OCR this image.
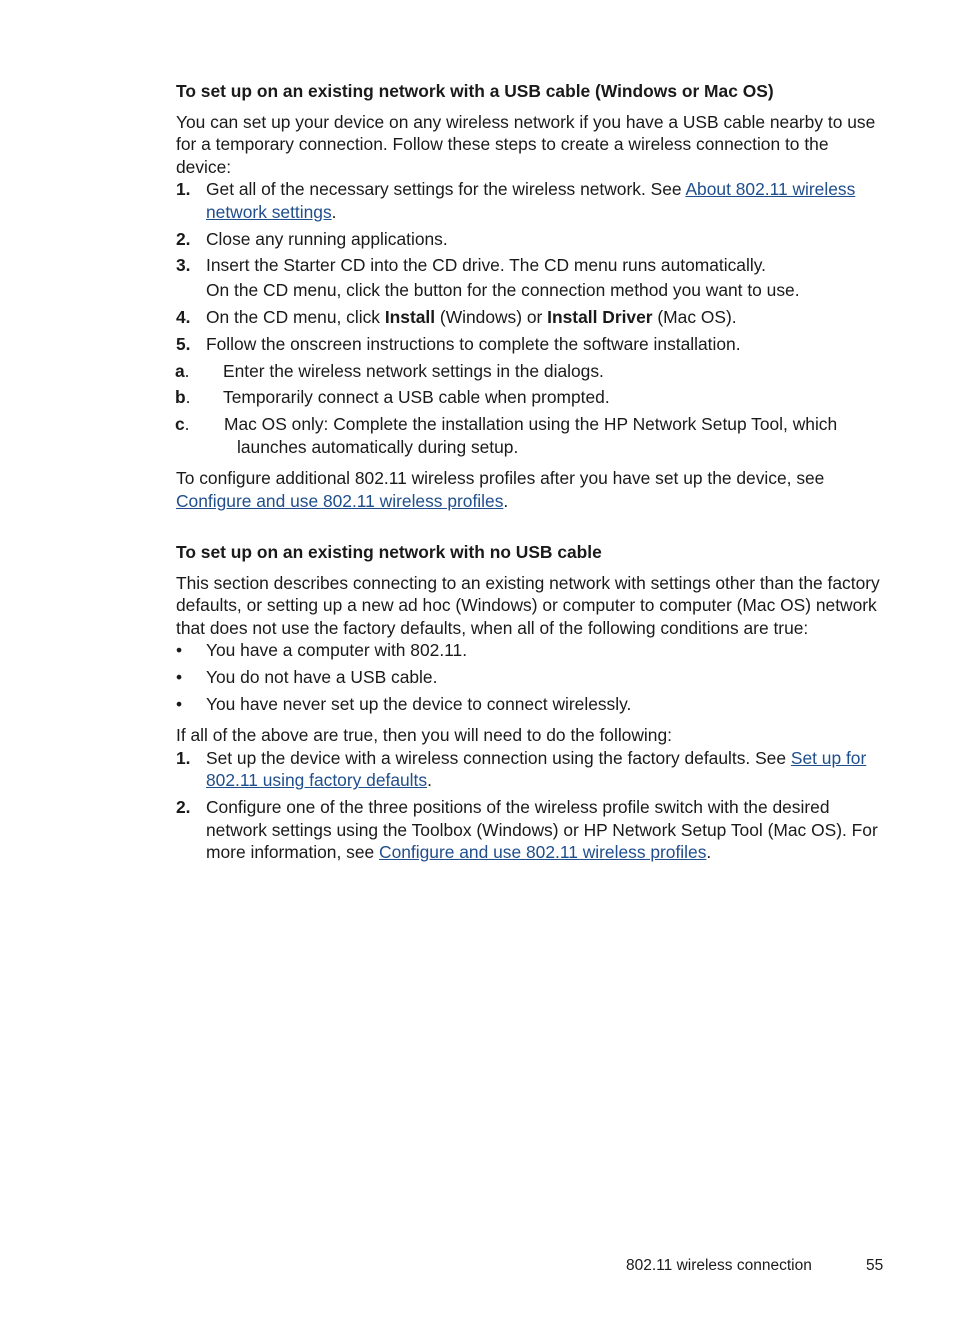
To set up on an existing network with a USB cable (Windows or Mac OS)

You can set up your device on any wireless network if you have a USB cable nearby to use for a temporary connection. Follow these steps to create a wireless connection to the device:

1. Get all of the necessary settings for the wireless network. See About 802.11 wireless network settings.
2. Close any running applications.
3. Insert the Starter CD into the CD drive. The CD menu runs automatically.
On the CD menu, click the button for the connection method you want to use.
4. On the CD menu, click Install (Windows) or Install Driver (Mac OS).
5. Follow the onscreen instructions to complete the software installation.
a.	Enter the wireless network settings in the dialogs.
b.	Temporarily connect a USB cable when prompted.
c.	Mac OS only: Complete the installation using the HP Network Setup Tool, which launches automatically during setup.

To configure additional 802.11 wireless profiles after you have set up the device, see Configure and use 802.11 wireless profiles.

To set up on an existing network with no USB cable

This section describes connecting to an existing network with settings other than the factory defaults, or setting up a new ad hoc (Windows) or computer to computer (Mac OS) network that does not use the factory defaults, when all of the following conditions are true:

• You have a computer with 802.11.
• You do not have a USB cable.
• You have never set up the device to connect wirelessly.

If all of the above are true, then you will need to do the following:

1. Set up the device with a wireless connection using the factory defaults. See Set up for 802.11 using factory defaults.
2. Configure one of the three positions of the wireless profile switch with the desired network settings using the Toolbox (Windows) or HP Network Setup Tool (Mac OS). For more information, see Configure and use 802.11 wireless profiles.
802.11 wireless connection	55
